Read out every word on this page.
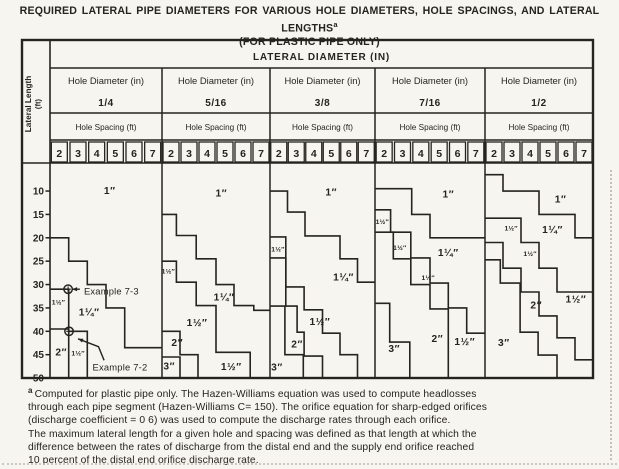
REQUIRED LATERAL PIPE DIAMETERS FOR VARIOUS HOLE DIAMETERS, HOLE SPACINGS, AND LATERAL LENGTHS$^a$
(FOR PLASTIC PIPE ONLY)
LATERAL DIAMETER (IN)
Hole Diameter (in)
1/4
Hole Spacing (ft)
2 3 4 5 6 7
Hole Diameter (in)
5/16
Hole Spacing (ft)
2 3 4 5 6 7
Hole Diameter (in)
3/8
Hole Spacing (ft)
2 3 4 5 6 7
Hole Diameter (in)
7/16
Hole Spacing (ft)
2 3 4 5 6 7
Hole Diameter (in)
1/2
Hole Spacing (ft)
2 3 4 5 6 7
Lateral Length (ft)
10
15
20
25
30
35
40
45
50
1″
1½″
1¼″
2″ 1½″
1″
1½″
1¼″
1½″
2″
3″	1½″
1″
1½″
1¼″
1½″
2″
3″
1″
1½″
1½″
1½″
1¼″
2″ 1½″
3″
1″
1½″
1½″
1¼″
1½″
2″
3″
Example 7-3
Example 7-2
$^a$ Computed for plastic pipe only. The Hazen-Williams equation was used to compute headlosses
through each pipe segment (Hazen-Williams C= 150). The orifice equation for sharp-edged orifices
(discharge coefficient = 0 6) was used to compute the discharge rates through each orifice.
The maximum lateral length for a given hole and spacing was defined as that length at which the
difference between the rates of discharge from the distal end and the supply end orifice reached
10 percent of the distal end orifice discharge rate.
